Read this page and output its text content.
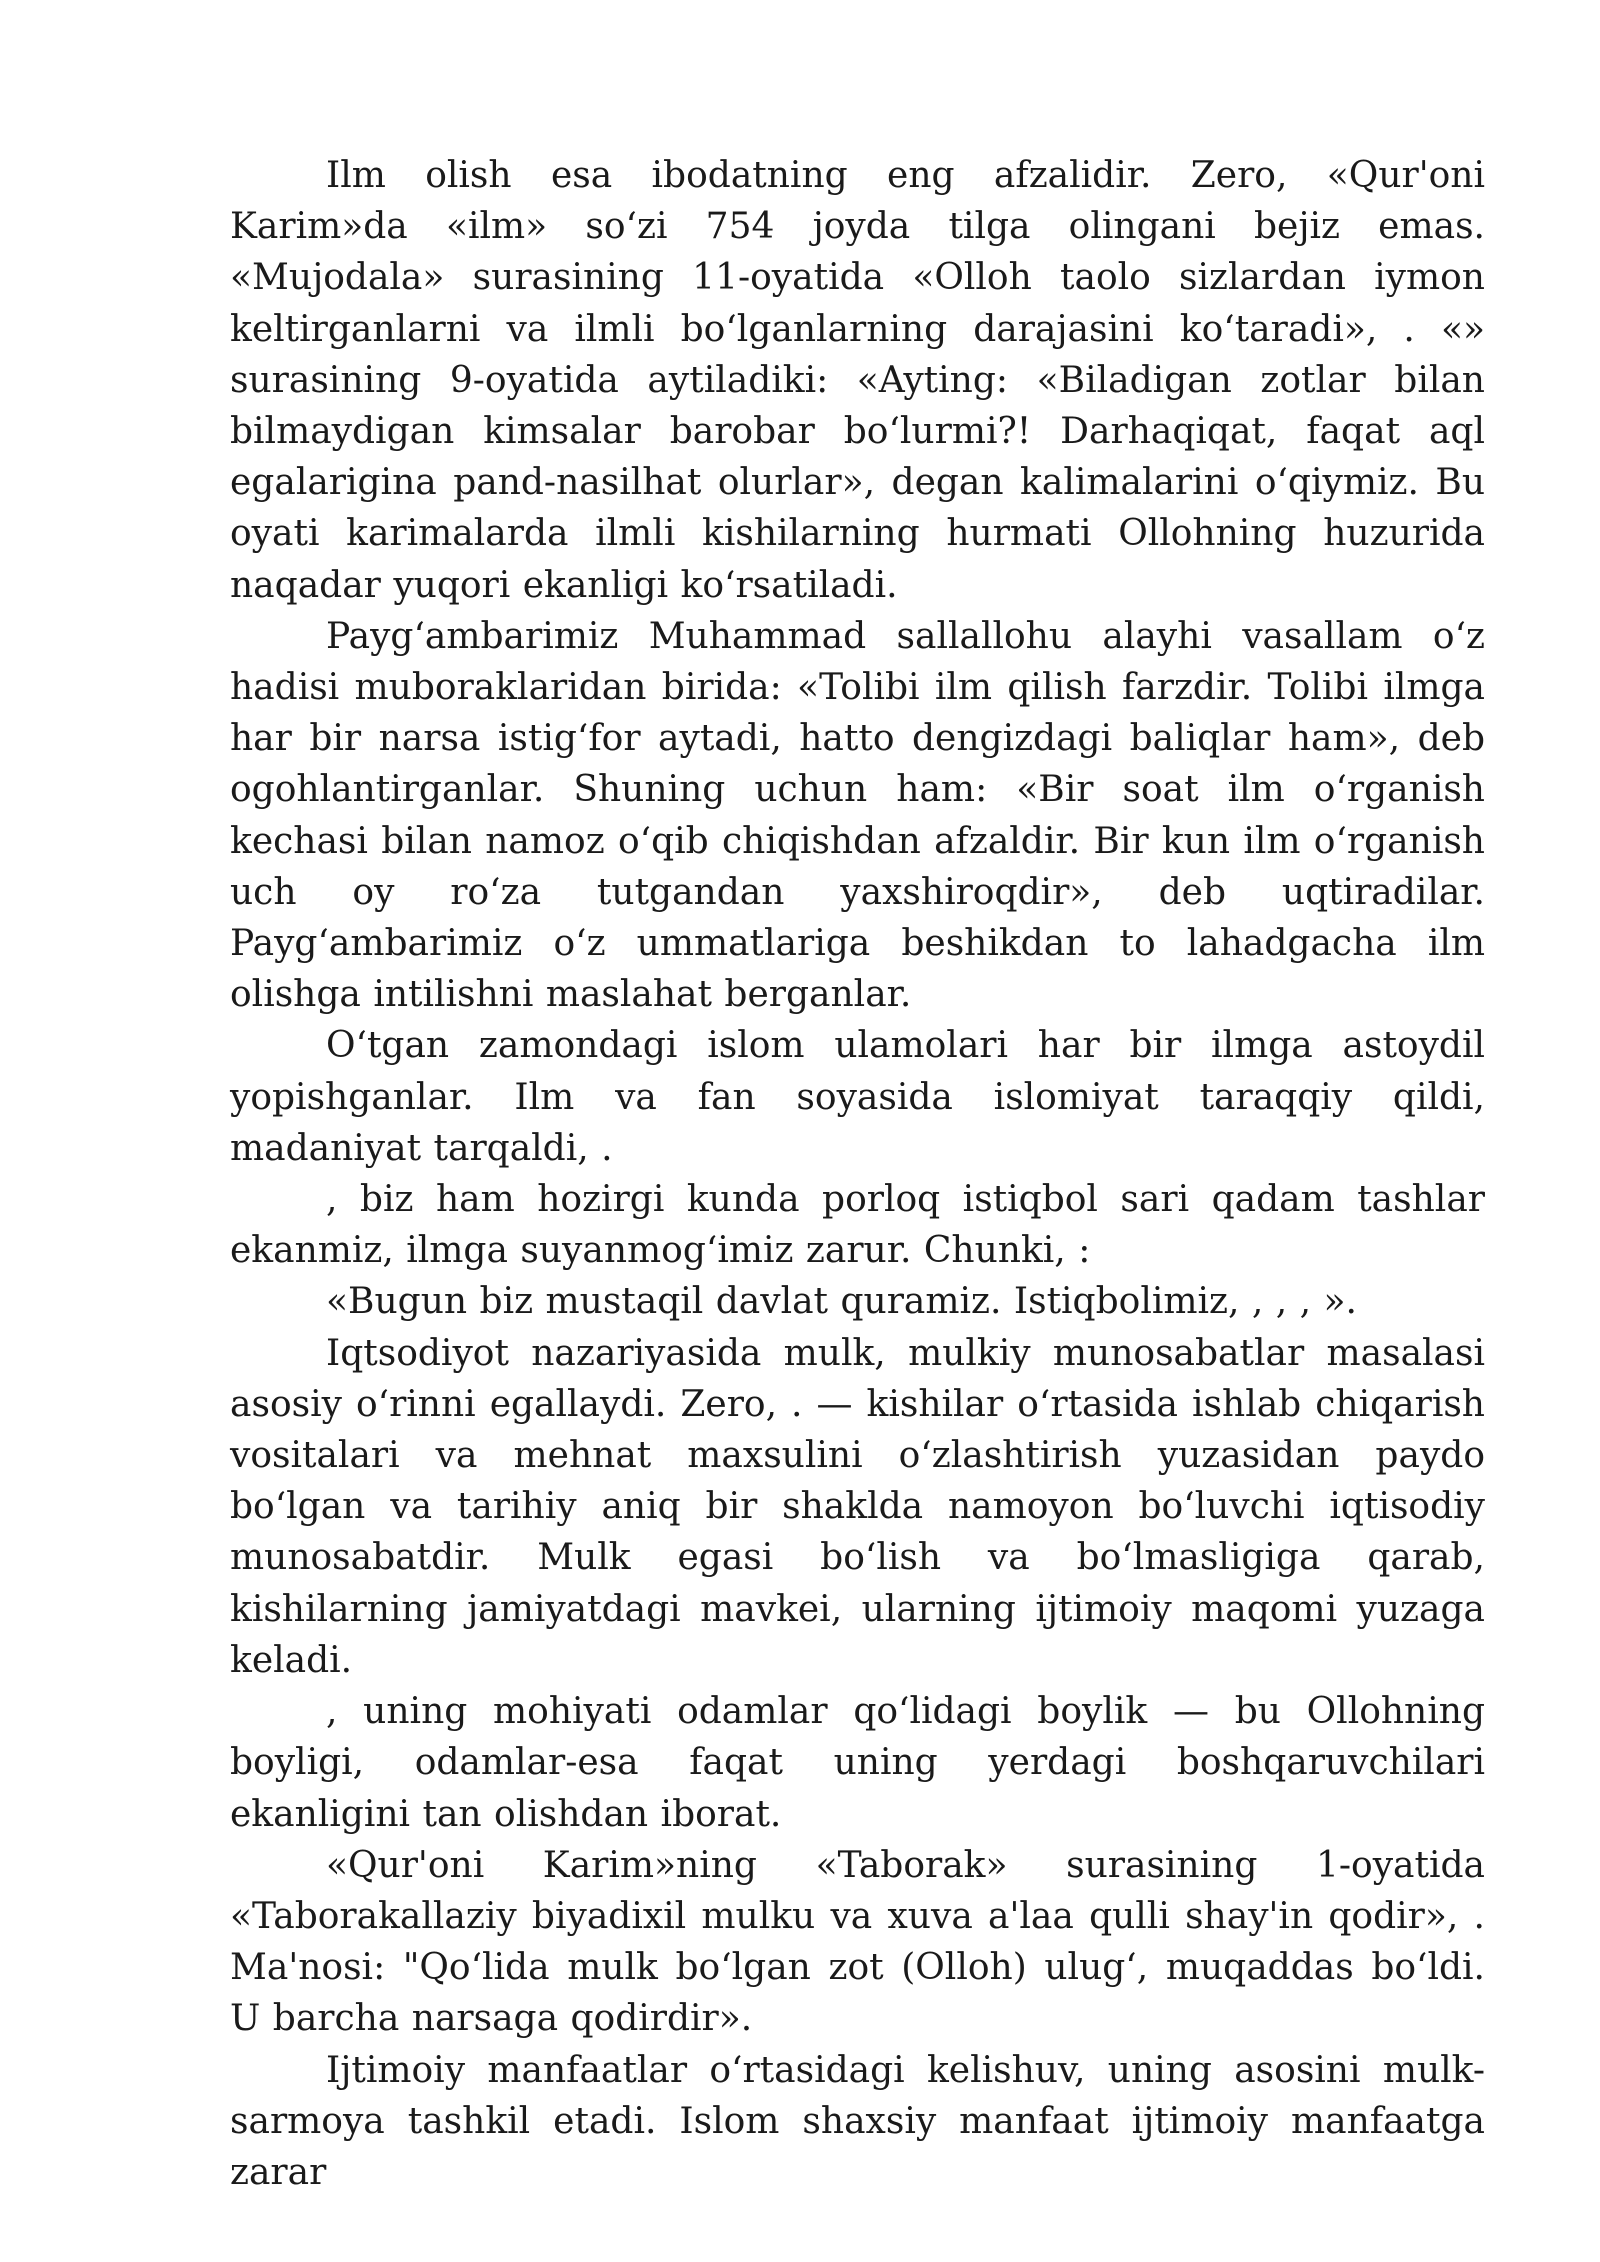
Ilm olish esa ibodatning eng afzalidir. Zero, «Qur'oni Karim»da «ilm» so‘zi 754 joyda tilga olingani bejiz emas. «Mujodala» surasining 11-oyatida «Olloh taolo sizlardan iymon keltirganlarni va ilmli bo‘lganlarning darajasini ko‘taradi», . «» surasining 9-oyatida aytiladiki: «Ayting: «Biladigan zotlar bilan bilmaydigan kimsalar barobar bo‘lurmi?! Darhaqiqat, faqat aql egalariginа pand-nasilhat olurlar», degan kalimalarini o‘qiymiz. Bu oyati karimalarda ilmli kishilarning hurmati Ollohning huzurida naqadar yuqori ekanligi ko‘rsatiladi.

Payg‘ambarimiz Muhammad sallallohu alayhi vasallam o‘z hadisi muboraklaridan birida: «Tolibi ilm qilish farzdir. Tolibi ilmga har bir narsa istig‘for aytadi, hatto dengizdagi baliqlar ham», deb ogohlantirganlar. Shuning uchun ham: «Bir soat ilm o‘rganish kechasi bilan namoz o‘qib chiqishdan afzaldir. Bir kun ilm o‘rganish uch oy ro‘za tutgandan yaxshiroqdir», deb uqtiradilar. Payg‘ambarimiz o‘z ummatlariga beshikdan to lahadgacha ilm olishga intilishni maslahat berganlar.

O‘tgan zamondagi islom ulamolari har bir ilmga astoydil yopishganlar. Ilm va fan soyasida islomiyat taraqqiy qildi, madaniyat tarqaldi, .

, biz ham hozirgi kunda porloq istiqbol sari qadam tashlar ekanmiz, ilmga suyanmog‘imiz zarur. Chunki, :

«Bugun biz mustaqil davlat quramiz. Istiqbolimiz, , , , ».

Iqtsodiyot nazariyasida mulk, mulkiy munosabatlar masalasi asosiy o‘rinni egallaydi. Zero, . — kishilar o‘rtasida ishlab chiqarish vositalari va mehnat maxsulini o‘zlashtirish yuzasidan paydo bo‘lgan va tarihiy aniq bir shaklda namoyon bo‘luvchi iqtisodiy munosabatdir. Mulk egasi bo‘lish va bo‘lmasligiga qarab, kishilarning jamiyatdagi mavkei, ularning ijtimoiy maqomi yuzaga keladi.

, uning mohiyati odamlar qo‘lidagi boylik — bu Ollohning boyligi, odamlar-esa faqat uning yerdagi boshqaruvchilari ekanligini tan olishdan iborat.

«Qur'oni Karim»ning «Taborak» surasining 1-oyatida «Taborakallaziy biyadixil mulku va xuva a'laa qulli shay'in qodir», . Ma'nosi: "Qo‘lida mulk bo‘lgan zot (Olloh) ulug‘, muqaddas bo‘ldi. U barcha narsaga qodirdir».

Ijtimoiy manfaatlar o‘rtasidagi kelishuv, uning asosini mulk-sarmoya tashkil etadi. Islom shaxsiy manfaat ijtimoiy manfaatga zarar
